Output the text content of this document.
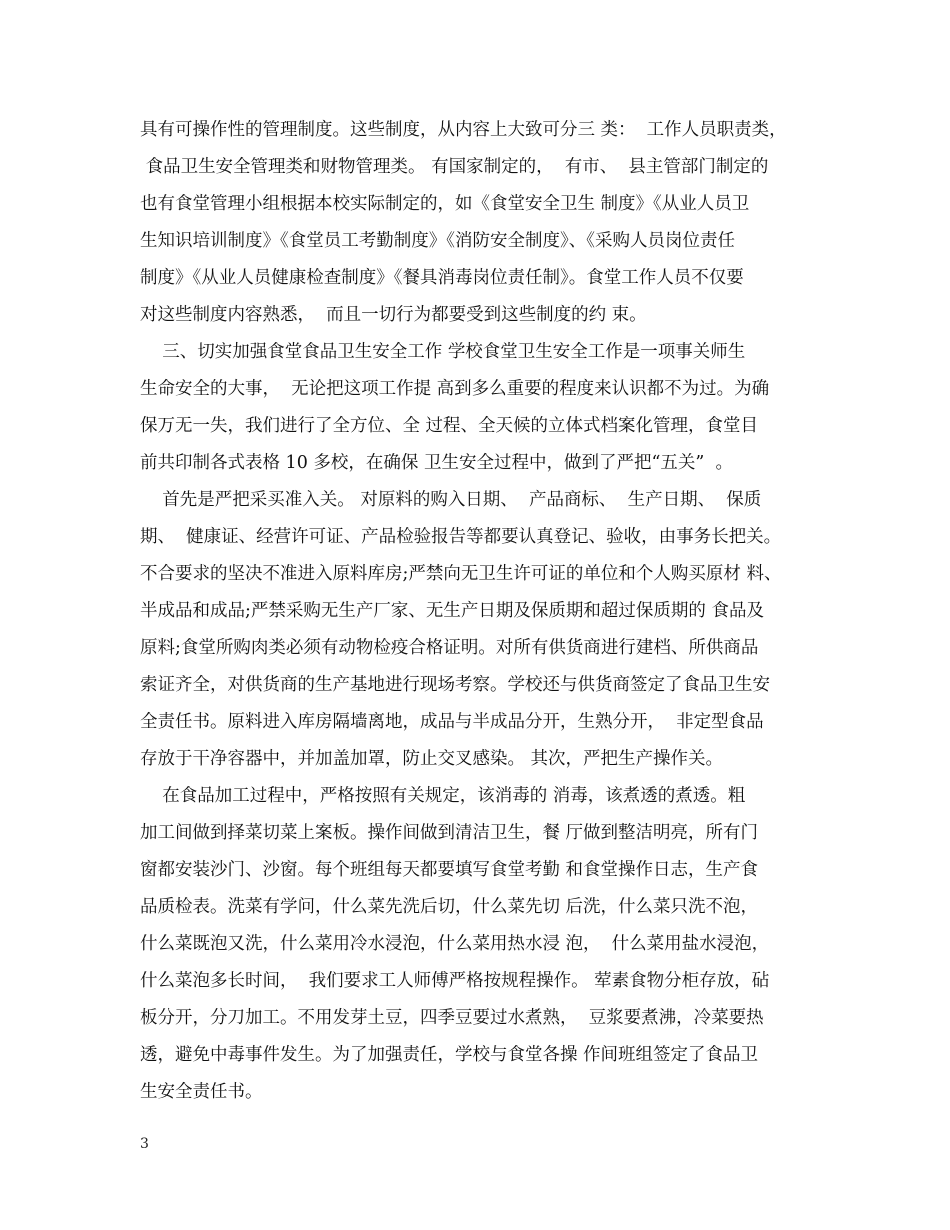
具有可操作性的管理制度。这些制度，从内容上大致可分三 类：  工作人员职责类，
食品卫生安全管理类和财物管理类。 有国家制定的，  有市、  县主管部门制定的
也有食堂管理小组根据本校实际制定的，如《食堂安全卫生 制度》《从业人员卫
生知识培训制度》《食堂员工考勤制度》《消防安全制度》、《采购人员岗位责任
制度》《从业人员健康检查制度》《餐具消毒岗位责任制》。食堂工作人员不仅要
对这些制度内容熟悉，  而且一切行为都要受到这些制度的约 束。
三、切实加强食堂食品卫生安全工作 学校食堂卫生安全工作是一项事关师生
生命安全的大事，  无论把这项工作提 高到多么重要的程度来认识都不为过。为确
保万无一失，我们进行了全方位、全 过程、全天候的立体式档案化管理，食堂目
前共印制各式表格 10 多校，在确保 卫生安全过程中，做到了严把“五关”  。
首先是严把采买准入关。 对原料的购入日期、  产品商标、  生产日期、  保质
期、  健康证、经营许可证、产品检验报告等都要认真登记、验收，由事务长把关。
不合要求的坚决不准进入原料库房;严禁向无卫生许可证的单位和个人购买原材 料、
半成品和成品;严禁采购无生产厂家、无生产日期及保质期和超过保质期的 食品及
原料;食堂所购肉类必须有动物检疫合格证明。对所有供货商进行建档、所供商品
索证齐全，对供货商的生产基地进行现场考察。学校还与供货商签定了食品卫生安
全责任书。原料进入库房隔墙离地，成品与半成品分开，生熟分开，  非定型食品
存放于干净容器中，并加盖加罩，防止交叉感染。 其次，严把生产操作关。
在食品加工过程中，严格按照有关规定，该消毒的 消毒，该煮透的煮透。粗
加工间做到择菜切菜上案板。操作间做到清洁卫生，餐 厅做到整洁明亮，所有门
窗都安装沙门、沙窗。每个班组每天都要填写食堂考勤 和食堂操作日志，生产食
品质检表。洗菜有学问，什么菜先洗后切，什么菜先切 后洗，什么菜只洗不泡，
什么菜既泡又洗，什么菜用冷水浸泡，什么菜用热水浸 泡，  什么菜用盐水浸泡，
什么菜泡多长时间，  我们要求工人师傅严格按规程操作。 荤素食物分柜存放，砧
板分开，分刀加工。不用发芽土豆，四季豆要过水煮熟，  豆浆要煮沸，冷菜要热
透，避免中毒事件发生。为了加强责任，学校与食堂各操 作间班组签定了食品卫
生安全责任书。
3
